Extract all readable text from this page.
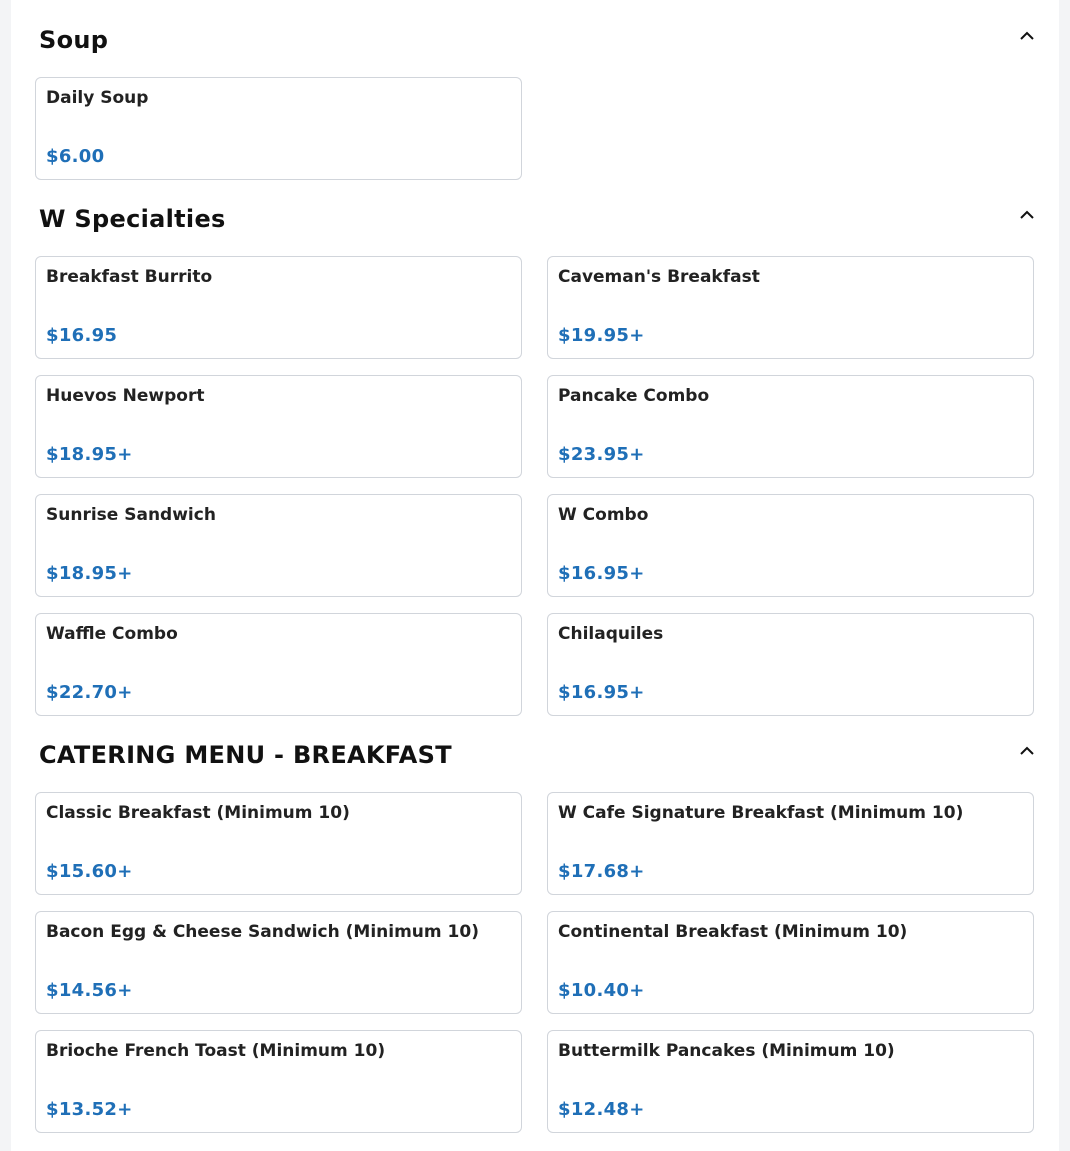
Soup
Daily Soup
$6.00
W Specialties
Breakfast Burrito
$16.95
Caveman's Breakfast
$19.95+
Huevos Newport
$18.95+
Pancake Combo
$23.95+
Sunrise Sandwich
$18.95+
W Combo
$16.95+
Waffle Combo
$22.70+
Chilaquiles
$16.95+
CATERING MENU - BREAKFAST
Classic Breakfast (Minimum 10)
$15.60+
W Cafe Signature Breakfast (Minimum 10)
$17.68+
Bacon Egg & Cheese Sandwich (Minimum 10)
$14.56+
Continental Breakfast (Minimum 10)
$10.40+
Brioche French Toast (Minimum 10)
$13.52+
Buttermilk Pancakes (Minimum 10)
$12.48+
